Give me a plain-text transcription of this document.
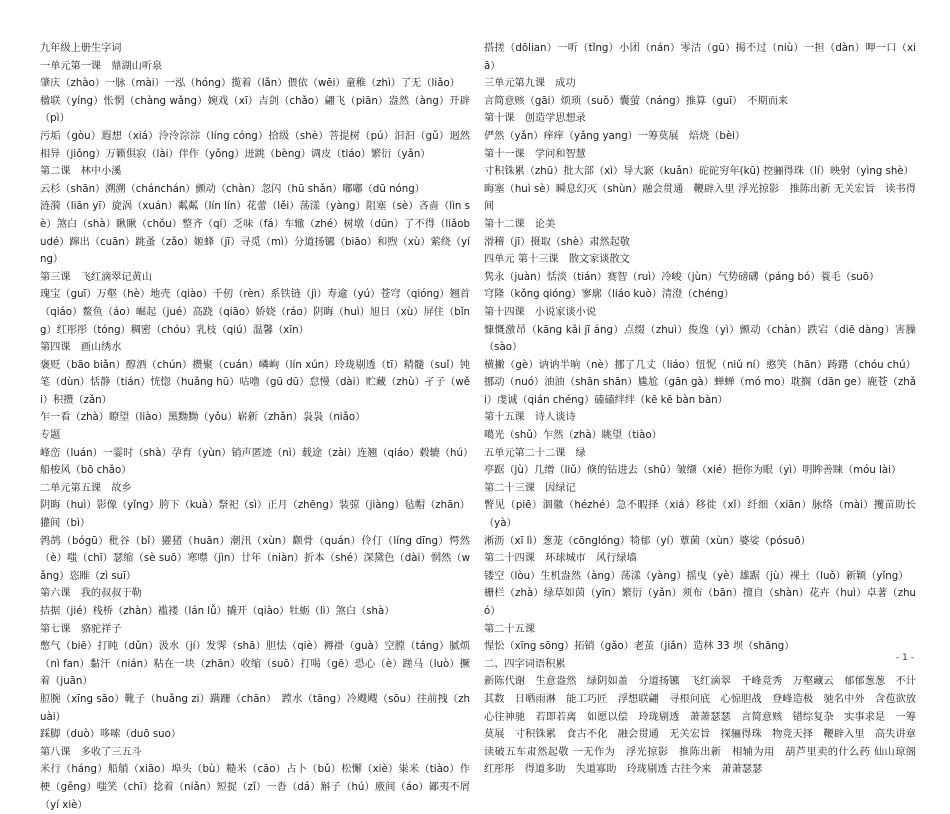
九年级上册生字词
一单元第一课　鼎湖山听泉
肇庆（zhào）一脉（mài）一泓（hóng）揽着（lǎn）偎依（wēi）童稚（zhì）了无（liǎo）
楹联（yíng）怅惘（chàng wǎng）婉戏（xī）吉剑（chǎo）翩飞（piān）盎然（àng）开辟（pì）
污垢（gòu）遐想（xiá）泠泠淙淙（líng cóng）拾级（shè）菩提树（pú）汩汩（gǔ）迥然相异（jiǒng）万籁俱寂（lài）伴作（yǒng）迸跳（bèng）调皮（tiáo）繁衍（yǎn）
第二课　林中小溪
云杉（shān）溯溯（chánchán）颤动（chàn）忽闪（hū shǎn）嘟嘟（dū nóng）
涟漪（liān yī）旋涡（xuán）粼粼（lín lín）花蕾（lěi）荡漾（yàng）阻塞（sè）吝啬（lìn sè）煞白（shà）瞅瞅（chǒu）整齐（qí）乏味（fá）车辙（zhé）树墩（dūn）了不得（liǎobudé）蹿出（cuān）跳蚤（zǎo）姬蜂（jī）寻觅（mì）分道扬镳（biāo）和煦（xù）萦绕（yíng）
第三课　飞红滴翠记黄山
瑰宝（guī）万壑（hè）地壳（qiào）千仞（rèn）系铁链（jì）寿逾（yú）苍穹（qióng）翘首（qiáo）鳌鱼（áo）崛起（jué）高跷（qiāo）娇娆（ráo）阴晦（huì）旭日（xù）屏住（bǐng）红彤彤（tóng）稠密（chóu）乳枝（qiú）温馨（xīn）
第四课　画山绣水
褒贬（bāo biǎn）醇酒（chún）攒聚（cuán）嶙峋（lín xún）玲珑剔透（tī）精髓（suǐ）钝笔（dùn）恬静（tián）恍惚（huǎng hū）咕噜（gū dū）怠慢（dài）贮藏（zhù）孑子（wěi）积攒（zǎn）
乍一看（zhà）瞭望（liào）黑黝黝（yǒu）崭新（zhǎn）袅袅（niǎo）
专题
峰峦（luán）一霎时（shà）孕育（yùn）销声匿迹（nì）载途（zài）连翘（qiáo）毂辘（hú）
船梭风（bō chǎo）
二单元第五课　故乡
阴晦（huì）影像（yǐng）胯下（kuà）祭祀（sì）正月（zhēng）装弶（jiàng）毡帽（zhān）獾间（bì）
鹁鸪（bógū）秕谷（bǐ）獾猪（huān）潮汛（xùn）颧骨（quán）伶仃（líng dīng）愕然（è）嗤（chī）瑟缩（sè suō）寒噤（jìn）廿年（niàn）折本（shé）深黛色（dài）惘然（wǎng）恣睢（zì suī）
第六课　我的叔叔于勒
拮据（jié）栈桥（zhàn）褴褛（lán lǚ）撬开（qiào）牡蛎（lì）煞白（shà）
第七课　骆驼祥子
憋气（biē）打盹（dǔn）汲水（jí）发霁（shā）胆怯（qiè）褥褂（guà）空膛（táng）腻烦（nì fan）黏汗（nián）粘在一块（zhān）收缩（suō）打喝（gē）恐心（è）蹉马（luò）撅着（juān）
脰腕（xīng sāo）靴子（huǎng zi）蹒跚（chān）　蹚水（tāng）冷飕飕（sōu）往前拽（zhuài）
踩脚（duò）哆嗦（duō suo）
第八课　多收了三五斗
米行（háng）船艄（xiāo）埠头（bù）糙米（cāo）占卜（bǔ）松懈（xiè）粜米（tiào）作梗（gěng）嗤笑（chī）捻着（niǎn）短捉（zǐ）一沓（dá）斛子（hú）廒间（áo）鄙夷不屑（yí xiè）
搭搓（dōlian）一听（tǐng）小团（nán）零沽（gū）揭不过（niù）一担（dàn）呷一口（xiā）
三单元第九课　成功
言简意赅（gāi）烦琐（suǒ）囊萤（náng）推算（guī）　不期而来
第十课　创造学思想录
俨然（yǎn）痒痒（yǎng yang）一筹莫展　焙烧（bèi）
第十一课　学问和智慧
寸积铢累（zhū）批大部（xì）导大窾（kuǎn）砣砣穷年(kū) 控骊得珠（lí）映射（yìng shè）
晦塞（huì sè）瞬息幻灭（shùn）融会贯通　鞭辟入里 浮光掠影　推陈出新 无关宏旨　读书得间
第十二课　论美
滑稽（jī）摄取（shè）肃然起敬
四单元 第十三课　散文家谈散文
隽永（juàn）恬淡（tián）赛智（ruì）冷峻（jùn）气势磅礴（páng bó）蓑毛（suō）
穹隆（kǒng qióng）寥廓（liáo kuò）清澄（chéng）
第十四课　小说家谈小说
慷慨激昂（kāng kǎi jī áng）点缀（zhuì）俊逸（yì）颤动（chàn）跌宕（diē dàng）害臊（sào）
横撇（gè）讷讷半晌（nè）挪了几丈（liáo）忸怩（niǔ ní）憨笑（hān）踌躇（chóu chú）挪动（nuó）油油（shān shān）尴尬（gān gà）蝉蝉（mó mo）耽搁（dān ge）鹿苍（zhǎi）虔诚（qián chéng）磕磕绊绊（kē kē bàn bàn）
第十五课　诗人谈诗
噶光（shǔ）乍然（zhà）眺望（tiào）
五单元第二十二课　绿
亭踞（jù）几缯（liǔ）倏的钻进去（shū）皱缬（xié）挹你为眼（yì）明眸善睐（móu lài）
第二十三课　因绿记
瞥见（piē）涸徽（hézhé）急不暇择（xiá）移徙（xǐ）纤细（xiān）脉络（mài）攫苗助长（yà）
淅沥（xī lì）葱茏（cōnglóng）犄郁（yí）蕈菌（xùn）婆娑（pósuō）
第二十四课　环球城市　风行绿墙
镂空（lòu）生机盎然（àng）荡漾（yàng）摇曳（yè）雄踞（jù）裸土（luǒ）新颖（yǐng）
栅栏（zhà）绿草如茵（yīn）繁衍（yǎn）须布（bān）擅自（shàn）花卉（huì）卓著（zhuó）
第二十五课
惺忪（xīng sōng）拓销（gǎo）老茧（jiǎn）造林 33 坝（shāng）
二、四字词语积累
新陈代谢　生意盎然　绿阴如盖　分道扬镳　飞红滴翠　千峰竞秀　万壑藏云　郁郁葱葱　不计其数　日晒雨淋　能工巧匠　浮想联翩　寻根问底　心惊胆战　登峰造极　驰名中外　含苞欲放　心往神驰　若即若离　如愿以偿　玲珑剔透　萧萧瑟瑟　言简意赅　错综复杂　实事求是　一筹莫展　寸积铢累　食古不化　融会贯通　无关宏旨　探骊得珠　物竞天择　鞭辟入里　高失讲章　读破五车肃然起敬 一无作为　浮光掠影　推陈出新　相辅为用　葫芦里卖的什么药 仙山琼阁　红彤彤　得道多助　失道寡助　玲珑剔透 古往今来　萧萧瑟瑟
- 1 -
